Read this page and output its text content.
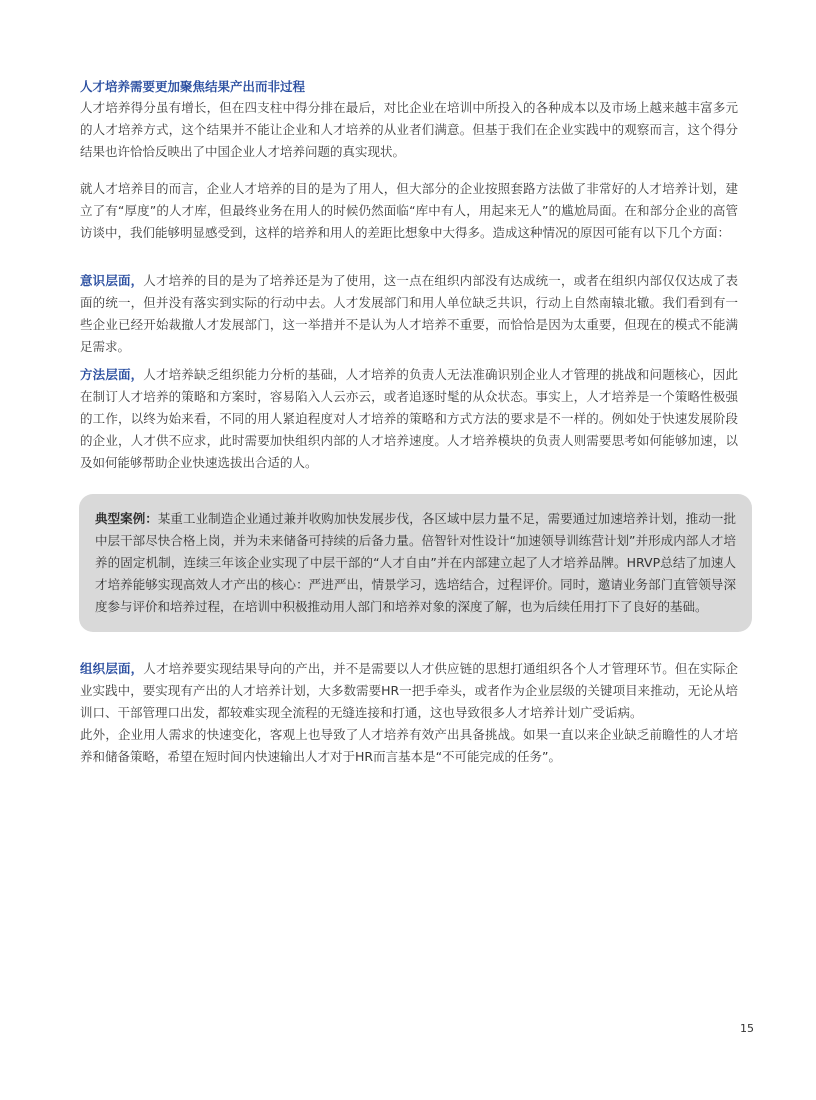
人才培养需要更加聚焦结果产出而非过程

人才培养得分虽有增长，但在四支柱中得分排在最后，对比企业在培训中所投入的各种成本以及市场上越来越丰富多元的人才培养方式，这个结果并不能让企业和人才培养的从业者们满意。但基于我们在企业实践中的观察而言，这个得分结果也许恰恰反映出了中国企业人才培养问题的真实现状。

就人才培养目的而言，企业人才培养的目的是为了用人，但大部分的企业按照套路方法做了非常好的人才培养计划，建立了有“厚度”的人才库，但最终业务在用人的时候仍然面临“库中有人，用起来无人”的尴尬局面。在和部分企业的高管访谈中，我们能够明显感受到，这样的培养和用人的差距比想象中大得多。造成这种情况的原因可能有以下几个方面：

意识层面，人才培养的目的是为了培养还是为了使用，这一点在组织内部没有达成统一，或者在组织内部仅仅达成了表面的统一，但并没有落实到实际的行动中去。人才发展部门和用人单位缺乏共识，行动上自然南辕北辙。我们看到有一些企业已经开始裁撤人才发展部门，这一举措并不是认为人才培养不重要，而恰恰是因为太重要，但现在的模式不能满足需求。

方法层面，人才培养缺乏组织能力分析的基础，人才培养的负责人无法准确识别企业人才管理的挑战和问题核心，因此在制订人才培养的策略和方案时，容易陷入人云亦云，或者追逐时髦的从众状态。事实上，人才培养是一个策略性极强的工作，以终为始来看，不同的用人紧迫程度对人才培养的策略和方式方法的要求是不一样的。例如处于快速发展阶段的企业，人才供不应求，此时需要加快组织内部的人才培养速度。人才培养模块的负责人则需要思考如何能够加速，以及如何能够帮助企业快速选拔出合适的人。

典型案例：某重工业制造企业通过兼并收购加快发展步伐，各区域中层力量不足，需要通过加速培养计划，推动一批中层干部尽快合格上岗，并为未来储备可持续的后备力量。倍智针对性设计“加速领导训练营计划”并形成内部人才培养的固定机制，连续三年该企业实现了中层干部的“人才自由”并在内部建立起了人才培养品牌。HRVP总结了加速人才培养能够实现高效人才产出的核心：严进严出，情景学习，选培结合，过程评价。同时，邀请业务部门直管领导深度参与评价和培养过程，在培训中积极推动用人部门和培养对象的深度了解，也为后续任用打下了良好的基础。

组织层面，人才培养要实现结果导向的产出，并不是需要以人才供应链的思想打通组织各个人才管理环节。但在实际企业实践中，要实现有产出的人才培养计划，大多数需要HR一把手牵头，或者作为企业层级的关键项目来推动，无论从培训口、干部管理口出发，都较难实现全流程的无缝连接和打通，这也导致很多人才培养计划广受诟病。

此外，企业用人需求的快速变化，客观上也导致了人才培养有效产出具备挑战。如果一直以来企业缺乏前瞻性的人才培养和储备策略，希望在短时间内快速输出人才对于HR而言基本是“不可能完成的任务”。

15
